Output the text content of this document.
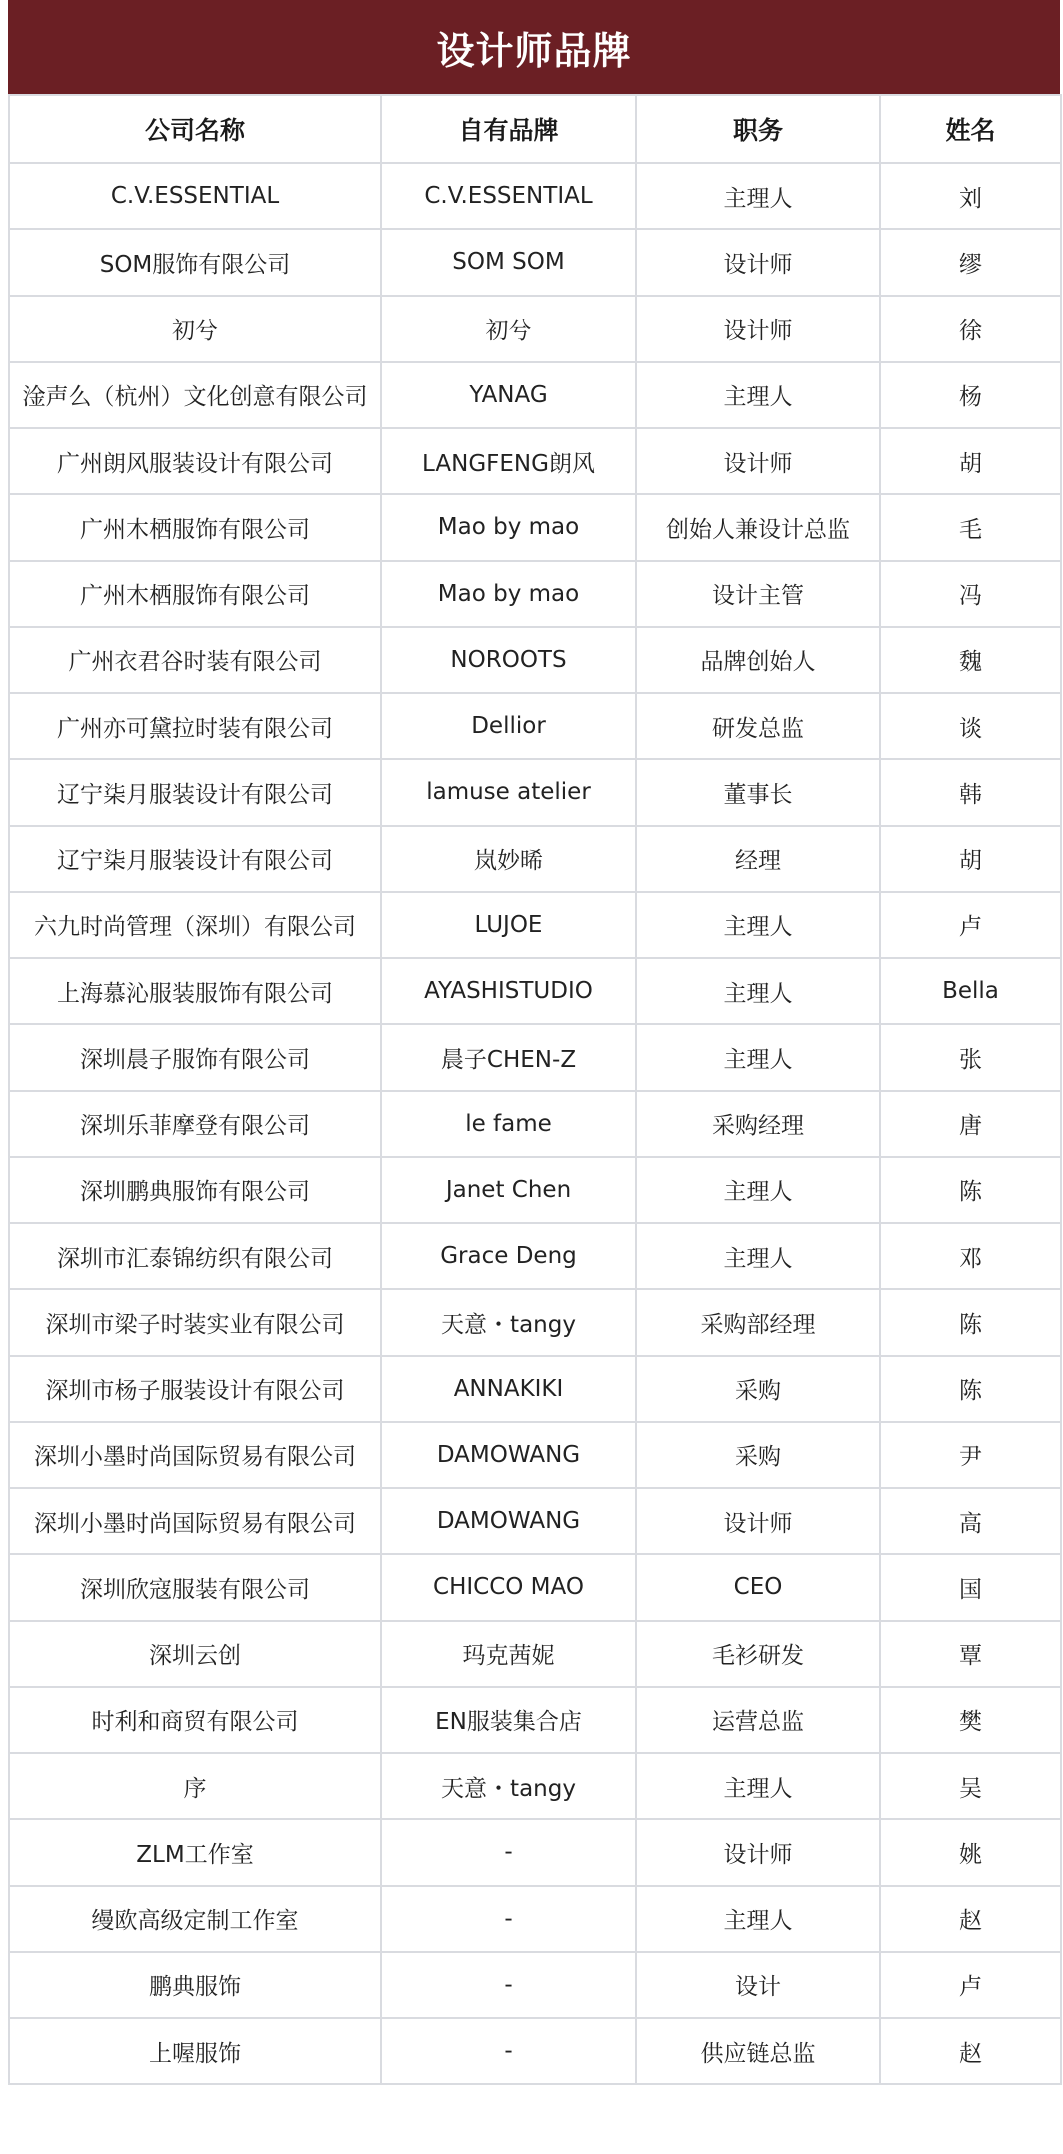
设计师品牌
公司名称	自有品牌	职务	姓名
C.V.ESSENTIAL	C.V.ESSENTIAL	主理人	刘
SOM服饰有限公司	SOM SOM	设计师	缪
初兮	初兮	设计师	徐
淦声么（杭州）文化创意有限公司	YANAG	主理人	杨
广州朗风服装设计有限公司	LANGFENG朗风	设计师	胡
广州木栖服饰有限公司	Mao by mao	创始人兼设计总监	毛
广州木栖服饰有限公司	Mao by mao	设计主管	冯
广州衣君谷时装有限公司	NOROOTS	品牌创始人	魏
广州亦可黛拉时装有限公司	Dellior	研发总监	谈
辽宁柒月服装设计有限公司	lamuse atelier	董事长	韩
辽宁柒月服装设计有限公司	岚妙晞	经理	胡
六九时尚管理（深圳）有限公司	LUJOE	主理人	卢
上海慕沁服装服饰有限公司	AYASHISTUDIO	主理人	Bella
深圳晨子服饰有限公司	晨子CHEN-Z	主理人	张
深圳乐菲摩登有限公司	le fame	采购经理	唐
深圳鹏典服饰有限公司	Janet Chen	主理人	陈
深圳市汇泰锦纺织有限公司	Grace Deng	主理人	邓
深圳市梁子时装实业有限公司	天意・tangy	采购部经理	陈
深圳市杨子服装设计有限公司	ANNAKIKI	采购	陈
深圳小墨时尚国际贸易有限公司	DAMOWANG	采购	尹
深圳小墨时尚国际贸易有限公司	DAMOWANG	设计师	高
深圳欣寇服装有限公司	CHICCO MAO	CEO	国
深圳云创	玛克茜妮	毛衫研发	覃
时利和商贸有限公司	EN服装集合店	运营总监	樊
序	天意・tangy	主理人	吴
ZLM工作室	-	设计师	姚
缦欧高级定制工作室	-	主理人	赵
鹏典服饰	-	设计	卢
上喔服饰	-	供应链总监	赵
